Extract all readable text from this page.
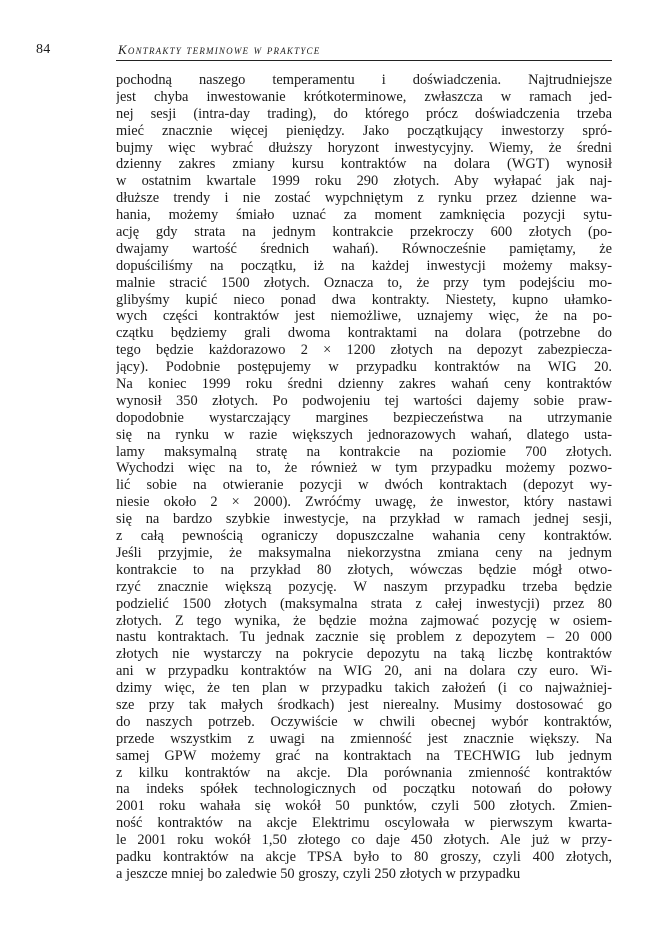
84	Kontrakty terminowe w praktyce
pochodną naszego temperamentu i doświadczenia. Najtrudniejsze
jest chyba inwestowanie krótkoterminowe, zwłaszcza w ramach jed-
nej sesji (intra-day trading), do którego prócz doświadczenia trzeba
mieć znacznie więcej pieniędzy. Jako początkujący inwestorzy spró-
bujmy więc wybrać dłuższy horyzont inwestycyjny. Wiemy, że średni
dzienny zakres zmiany kursu kontraktów na dolara (WGT) wynosił
w ostatnim kwartale 1999 roku 290 złotych. Aby wyłapać jak naj-
dłuższe trendy i nie zostać wypchniętym z rynku przez dzienne wa-
hania, możemy śmiało uznać za moment zamknięcia pozycji sytu-
ację gdy strata na jednym kontrakcie przekroczy 600 złotych (po-
dwajamy wartość średnich wahań). Równocześnie pamiętamy, że
dopuściliśmy na początku, iż na każdej inwestycji możemy maksy-
malnie stracić 1500 złotych. Oznacza to, że przy tym podejściu mo-
glibyśmy kupić nieco ponad dwa kontrakty. Niestety, kupno ułamko-
wych części kontraktów jest niemożliwe, uznajemy więc, że na po-
czątku będziemy grali dwoma kontraktami na dolara (potrzebne do
tego będzie każdorazowo 2 × 1200 złotych na depozyt zabezpiecza-
jący). Podobnie postępujemy w przypadku kontraktów na WIG 20.
Na koniec 1999 roku średni dzienny zakres wahań ceny kontraktów
wynosił 350 złotych. Po podwojeniu tej wartości dajemy sobie praw-
dopodobnie wystarczający margines bezpieczeństwa na utrzymanie
się na rynku w razie większych jednorazowych wahań, dlatego usta-
lamy maksymalną stratę na kontrakcie na poziomie 700 złotych.
Wychodzi więc na to, że również w tym przypadku możemy pozwo-
lić sobie na otwieranie pozycji w dwóch kontraktach (depozyt wy-
niesie około 2 × 2000). Zwróćmy uwagę, że inwestor, który nastawi
się na bardzo szybkie inwestycje, na przykład w ramach jednej sesji,
z całą pewnością ograniczy dopuszczalne wahania ceny kontraktów.
Jeśli przyjmie, że maksymalna niekorzystna zmiana ceny na jednym
kontrakcie to na przykład 80 złotych, wówczas będzie mógł otwo-
rzyć znacznie większą pozycję. W naszym przypadku trzeba będzie
podzielić 1500 złotych (maksymalna strata z całej inwestycji) przez 80
złotych. Z tego wynika, że będzie można zajmować pozycję w osiem-
nastu kontraktach. Tu jednak zacznie się problem z depozytem – 20 000
złotych nie wystarczy na pokrycie depozytu na taką liczbę kontraktów
ani w przypadku kontraktów na WIG 20, ani na dolara czy euro. Wi-
dzimy więc, że ten plan w przypadku takich założeń (i co najważniej-
sze przy tak małych środkach) jest nierealny. Musimy dostosować go
do naszych potrzeb. Oczywiście w chwili obecnej wybór kontraktów,
przede wszystkim z uwagi na zmienność jest znacznie większy. Na
samej GPW możemy grać na kontraktach na TECHWIG lub jednym
z kilku kontraktów na akcje. Dla porównania zmienność kontraktów
na indeks spółek technologicznych od początku notowań do połowy
2001 roku wahała się wokół 50 punktów, czyli 500 złotych. Zmien-
ność kontraktów na akcje Elektrimu oscylowała w pierwszym kwarta-
le 2001 roku wokół 1,50 złotego co daje 450 złotych. Ale już w przy-
padku kontraktów na akcje TPSA było to 80 groszy, czyli 400 złotych,
a jeszcze mniej bo zaledwie 50 groszy, czyli 250 złotych w przypadku
